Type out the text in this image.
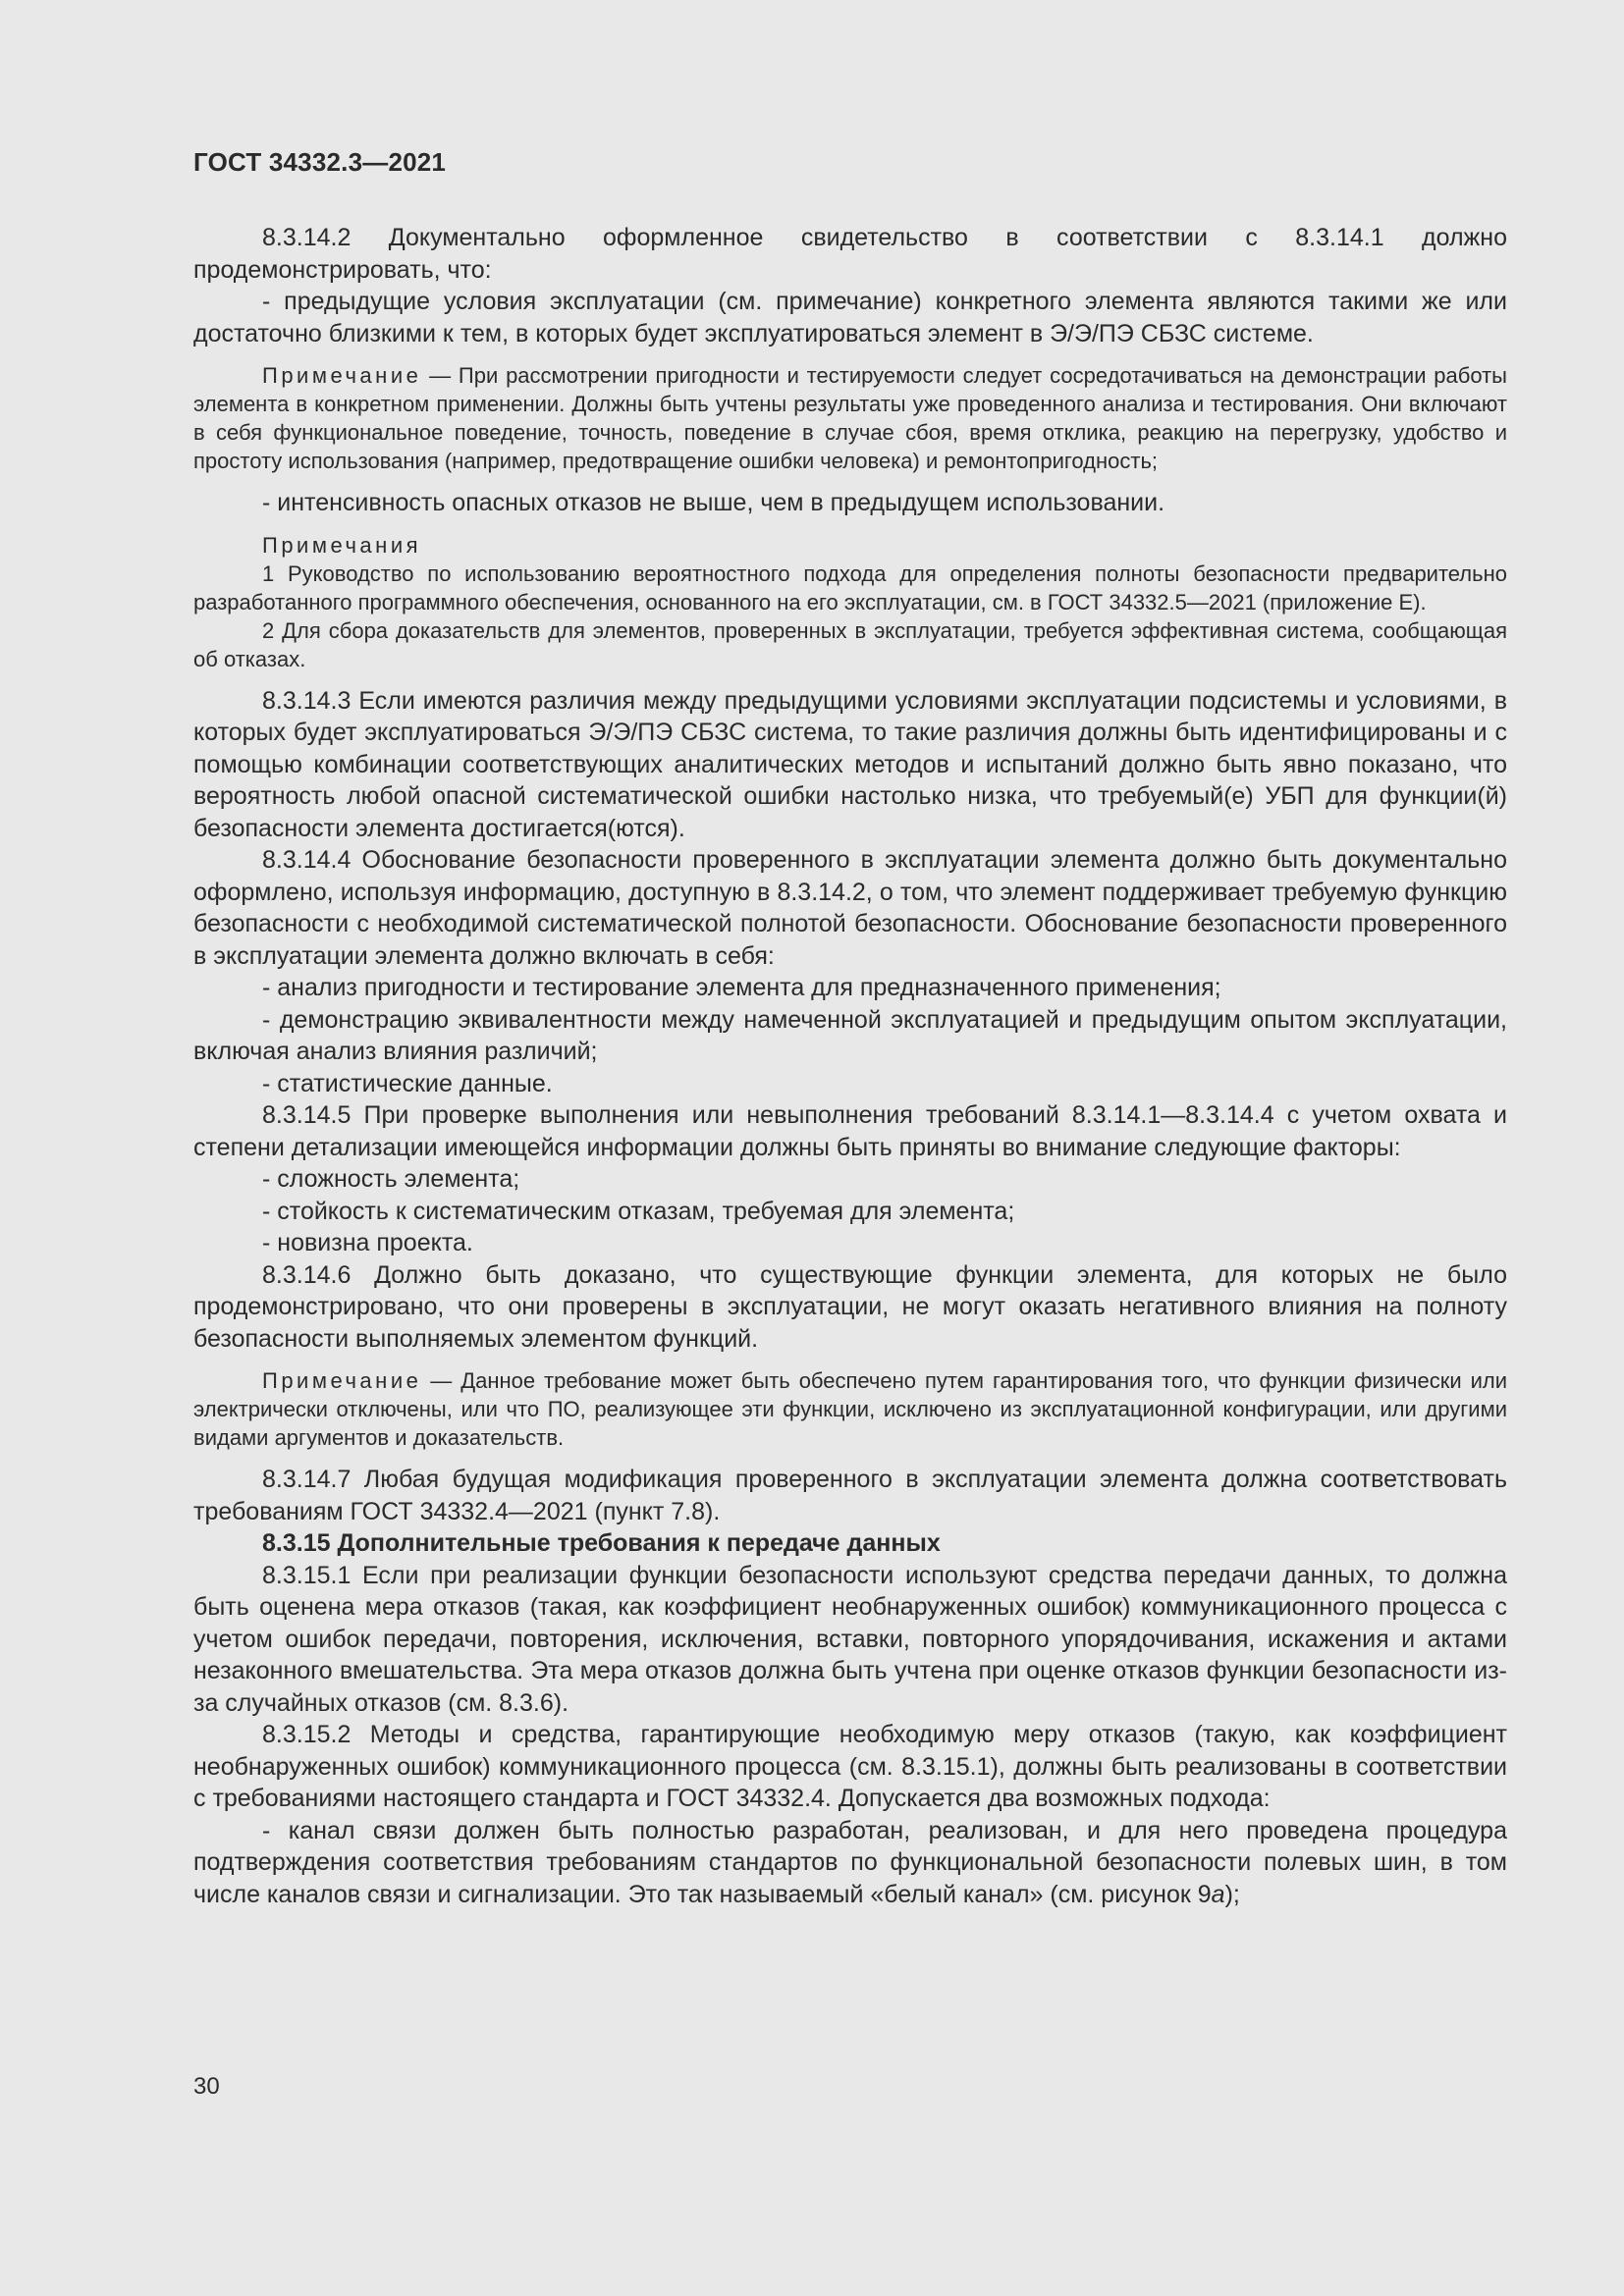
ГОСТ 34332.3—2021

8.3.14.2 Документально оформленное свидетельство в соответствии с 8.3.14.1 должно продемонстрировать, что:

- предыдущие условия эксплуатации (см. примечание) конкретного элемента являются такими же или достаточно близкими к тем, в которых будет эксплуатироваться элемент в Э/Э/ПЭ СБЗС системе.

Примечание — При рассмотрении пригодности и тестируемости следует сосредотачиваться на демонстрации работы элемента в конкретном применении. Должны быть учтены результаты уже проведенного анализа и тестирования. Они включают в себя функциональное поведение, точность, поведение в случае сбоя, время отклика, реакцию на перегрузку, удобство и простоту использования (например, предотвращение ошибки человека) и ремонтопригодность;

- интенсивность опасных отказов не выше, чем в предыдущем использовании.

Примечания

1 Руководство по использованию вероятностного подхода для определения полноты безопасности предварительно разработанного программного обеспечения, основанного на его эксплуатации, см. в ГОСТ 34332.5—2021 (приложение Е).

2 Для сбора доказательств для элементов, проверенных в эксплуатации, требуется эффективная система, сообщающая об отказах.

8.3.14.3 Если имеются различия между предыдущими условиями эксплуатации подсистемы и условиями, в которых будет эксплуатироваться Э/Э/ПЭ СБЗС система, то такие различия должны быть идентифицированы и с помощью комбинации соответствующих аналитических методов и испытаний должно быть явно показано, что вероятность любой опасной систематической ошибки настолько низка, что требуемый(е) УБП для функции(й) безопасности элемента достигается(ются).

8.3.14.4 Обоснование безопасности проверенного в эксплуатации элемента должно быть документально оформлено, используя информацию, доступную в 8.3.14.2, о том, что элемент поддерживает требуемую функцию безопасности с необходимой систематической полнотой безопасности. Обоснование безопасности проверенного в эксплуатации элемента должно включать в себя:

- анализ пригодности и тестирование элемента для предназначенного применения;

- демонстрацию эквивалентности между намеченной эксплуатацией и предыдущим опытом эксплуатации, включая анализ влияния различий;

- статистические данные.

8.3.14.5 При проверке выполнения или невыполнения требований 8.3.14.1—8.3.14.4 с учетом охвата и степени детализации имеющейся информации должны быть приняты во внимание следующие факторы:

- сложность элемента;

- стойкость к систематическим отказам, требуемая для элемента;

- новизна проекта.

8.3.14.6 Должно быть доказано, что существующие функции элемента, для которых не было продемонстрировано, что они проверены в эксплуатации, не могут оказать негативного влияния на полноту безопасности выполняемых элементом функций.

Примечание — Данное требование может быть обеспечено путем гарантирования того, что функции физически или электрически отключены, или что ПО, реализующее эти функции, исключено из эксплуатационной конфигурации, или другими видами аргументов и доказательств.

8.3.14.7 Любая будущая модификация проверенного в эксплуатации элемента должна соответствовать требованиям ГОСТ 34332.4—2021 (пункт 7.8).

8.3.15 Дополнительные требования к передаче данных

8.3.15.1 Если при реализации функции безопасности используют средства передачи данных, то должна быть оценена мера отказов (такая, как коэффициент необнаруженных ошибок) коммуникационного процесса с учетом ошибок передачи, повторения, исключения, вставки, повторного упорядочивания, искажения и актами незаконного вмешательства. Эта мера отказов должна быть учтена при оценке отказов функции безопасности из-за случайных отказов (см. 8.3.6).

8.3.15.2 Методы и средства, гарантирующие необходимую меру отказов (такую, как коэффициент необнаруженных ошибок) коммуникационного процесса (см. 8.3.15.1), должны быть реализованы в соответствии с требованиями настоящего стандарта и ГОСТ 34332.4. Допускается два возможных подхода:

- канал связи должен быть полностью разработан, реализован, и для него проведена процедура подтверждения соответствия требованиям стандартов по функциональной безопасности полевых шин, в том числе каналов связи и сигнализации. Это так называемый «белый канал» (см. рисунок 9а);

30
